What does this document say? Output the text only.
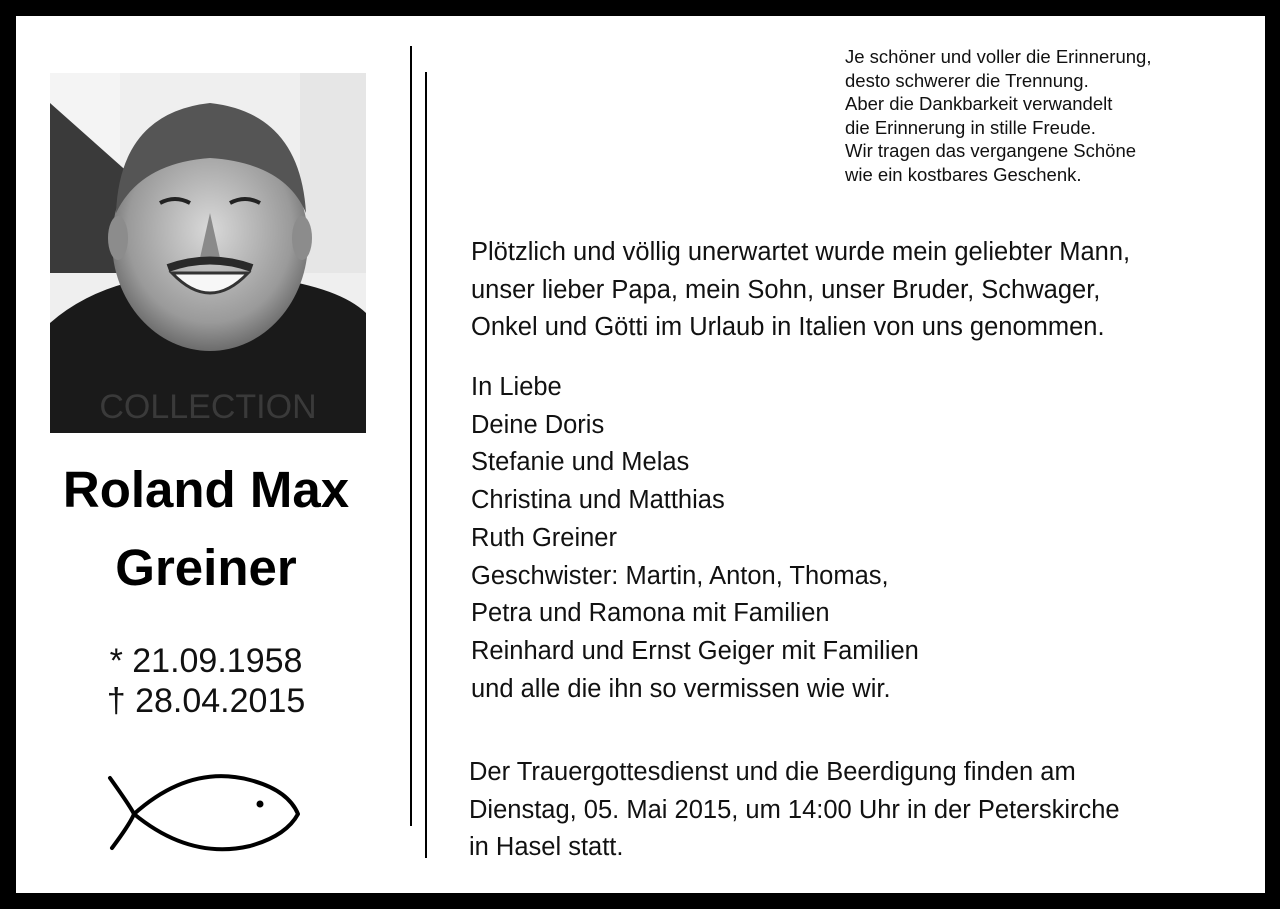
COLLECTION
Roland Max
Greiner
* 21.09.1958
† 28.04.2015
Je schöner und voller die Erinnerung,
desto schwerer die Trennung.
Aber die Dankbarkeit verwandelt
die Erinnerung in stille Freude.
Wir tragen das vergangene Schöne
wie ein kostbares Geschenk.
Plötzlich und völlig unerwartet wurde mein geliebter Mann,
unser lieber Papa, mein Sohn, unser Bruder, Schwager,
Onkel und Götti im Urlaub in Italien von uns genommen.
In Liebe
Deine Doris
Stefanie und Melas
Christina und Matthias
Ruth Greiner
Geschwister: Martin, Anton, Thomas,
Petra und Ramona mit Familien
Reinhard und Ernst Geiger mit Familien
und alle die ihn so vermissen wie wir.
Der Trauergottesdienst und die Beerdigung finden am
Dienstag, 05. Mai 2015, um 14:00 Uhr in der Peterskirche
in Hasel statt.
